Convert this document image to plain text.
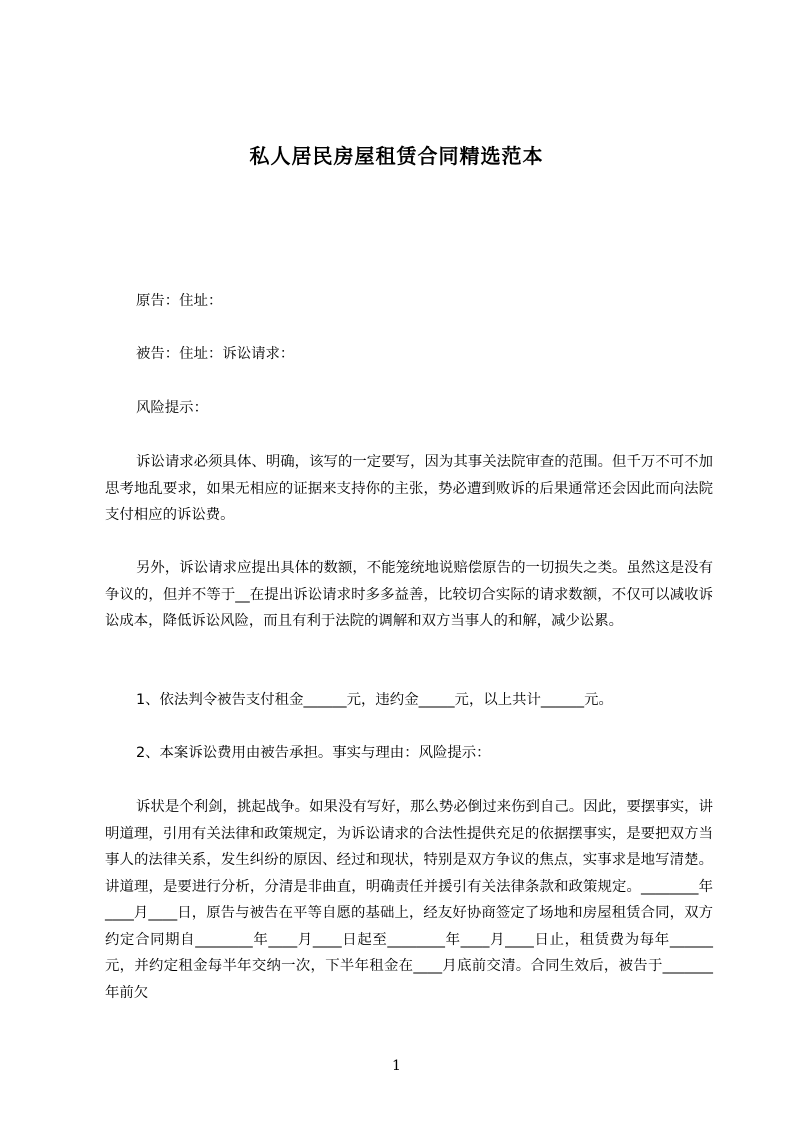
私人居民房屋租赁合同精选范本
原告：住址：
被告：住址：诉讼请求：
风险提示：
诉讼请求必须具体、明确，该写的一定要写，因为其事关法院审查的范围。但千万不可不加思考地乱要求，如果无相应的证据来支持你的主张，势必遭到败诉的后果通常还会因此而向法院支付相应的诉讼费。
另外，诉讼请求应提出具体的数额，不能笼统地说赔偿原告的一切损失之类。虽然这是没有争议的，但并不等于__在提出诉讼请求时多多益善，比较切合实际的请求数额，不仅可以减收诉讼成本，降低诉讼风险，而且有利于法院的调解和双方当事人的和解，减少讼累。
1、依法判令被告支付租金______元，违约金_____元，以上共计______元。
2、本案诉讼费用由被告承担。事实与理由：风险提示：
诉状是个利剑，挑起战争。如果没有写好，那么势必倒过来伤到自己。因此，要摆事实，讲明道理，引用有关法律和政策规定，为诉讼请求的合法性提供充足的依据摆事实，是要把双方当事人的法律关系，发生纠纷的原因、经过和现状，特别是双方争议的焦点，实事求是地写清楚。讲道理，是要进行分析，分清是非曲直，明确责任并援引有关法律条款和政策规定。________年____月____日，原告与被告在平等自愿的基础上，经友好协商签定了场地和房屋租赁合同，双方约定合同期自________年____月____日起至________年____月____日止，租赁费为每年______元，并约定租金每半年交纳一次，下半年租金在____月底前交清。合同生效后，被告于_______年前欠
1
